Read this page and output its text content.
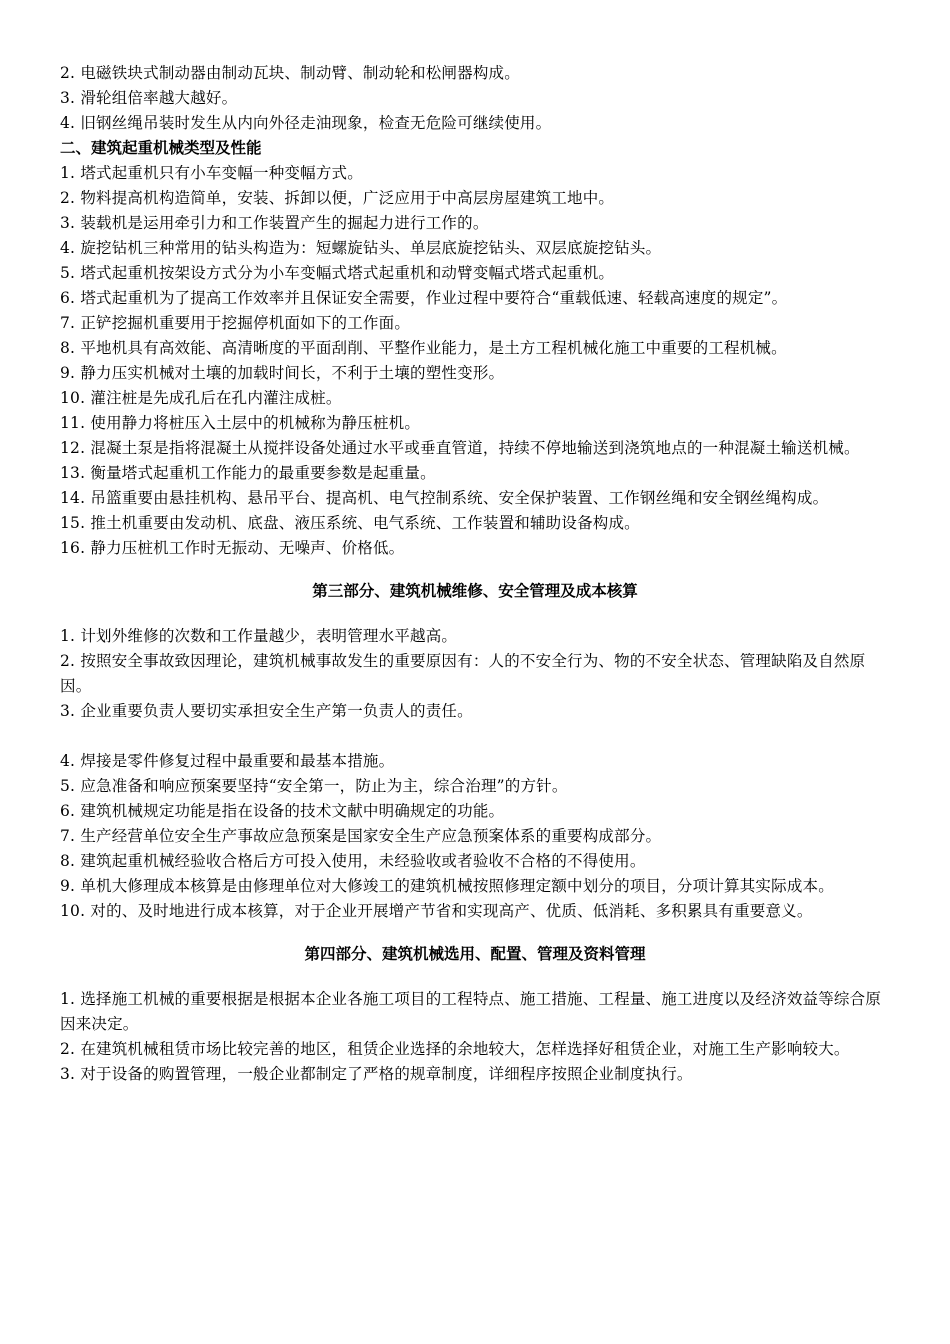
2. 电磁铁块式制动器由制动瓦块、制动臂、制动轮和松闸器构成。
3. 滑轮组倍率越大越好。
4. 旧钢丝绳吊装时发生从内向外径走油现象，检查无危险可继续使用。
二、建筑起重机械类型及性能
1. 塔式起重机只有小车变幅一种变幅方式。
2. 物料提高机构造简单，安装、拆卸以便，广泛应用于中高层房屋建筑工地中。
3. 装载机是运用牵引力和工作装置产生的掘起力进行工作的。
4. 旋挖钻机三种常用的钻头构造为：短螺旋钻头、单层底旋挖钻头、双层底旋挖钻头。
5. 塔式起重机按架设方式分为小车变幅式塔式起重机和动臂变幅式塔式起重机。
6. 塔式起重机为了提高工作效率并且保证安全需要，作业过程中要符合“重载低速、轻载高速度的规定”。
7. 正铲挖掘机重要用于挖掘停机面如下的工作面。
8. 平地机具有高效能、高清晰度的平面刮削、平整作业能力，是土方工程机械化施工中重要的工程机械。
9. 静力压实机械对土壤的加载时间长，不利于土壤的塑性变形。
10. 灌注桩是先成孔后在孔内灌注成桩。
11. 使用静力将桩压入土层中的机械称为静压桩机。
12. 混凝土泵是指将混凝土从搅拌设备处通过水平或垂直管道，持续不停地输送到浇筑地点的一种混凝土输送机械。
13. 衡量塔式起重机工作能力的最重要参数是起重量。
14. 吊篮重要由悬挂机构、悬吊平台、提高机、电气控制系统、安全保护装置、工作钢丝绳和安全钢丝绳构成。
15. 推土机重要由发动机、底盘、液压系统、电气系统、工作装置和辅助设备构成。
16. 静力压桩机工作时无振动、无噪声、价格低。
第三部分、建筑机械维修、安全管理及成本核算
1. 计划外维修的次数和工作量越少，表明管理水平越高。
2. 按照安全事故致因理论，建筑机械事故发生的重要原因有：人的不安全行为、物的不安全状态、管理缺陷及自然原因。
3. 企业重要负责人要切实承担安全生产第一负责人的责任。
4. 焊接是零件修复过程中最重要和最基本措施。
5. 应急准备和响应预案要坚持“安全第一，防止为主，综合治理”的方针。
6. 建筑机械规定功能是指在设备的技术文献中明确规定的功能。
7. 生产经营单位安全生产事故应急预案是国家安全生产应急预案体系的重要构成部分。
8. 建筑起重机械经验收合格后方可投入使用，未经验收或者验收不合格的不得使用。
9. 单机大修理成本核算是由修理单位对大修竣工的建筑机械按照修理定额中划分的项目，分项计算其实际成本。
10. 对的、及时地进行成本核算，对于企业开展增产节省和实现高产、优质、低消耗、多积累具有重要意义。
第四部分、建筑机械选用、配置、管理及资料管理
1. 选择施工机械的重要根据是根据本企业各施工项目的工程特点、施工措施、工程量、施工进度以及经济效益等综合原因来决定。
2. 在建筑机械租赁市场比较完善的地区，租赁企业选择的余地较大，怎样选择好租赁企业，对施工生产影响较大。
3. 对于设备的购置管理，一般企业都制定了严格的规章制度，详细程序按照企业制度执行。
